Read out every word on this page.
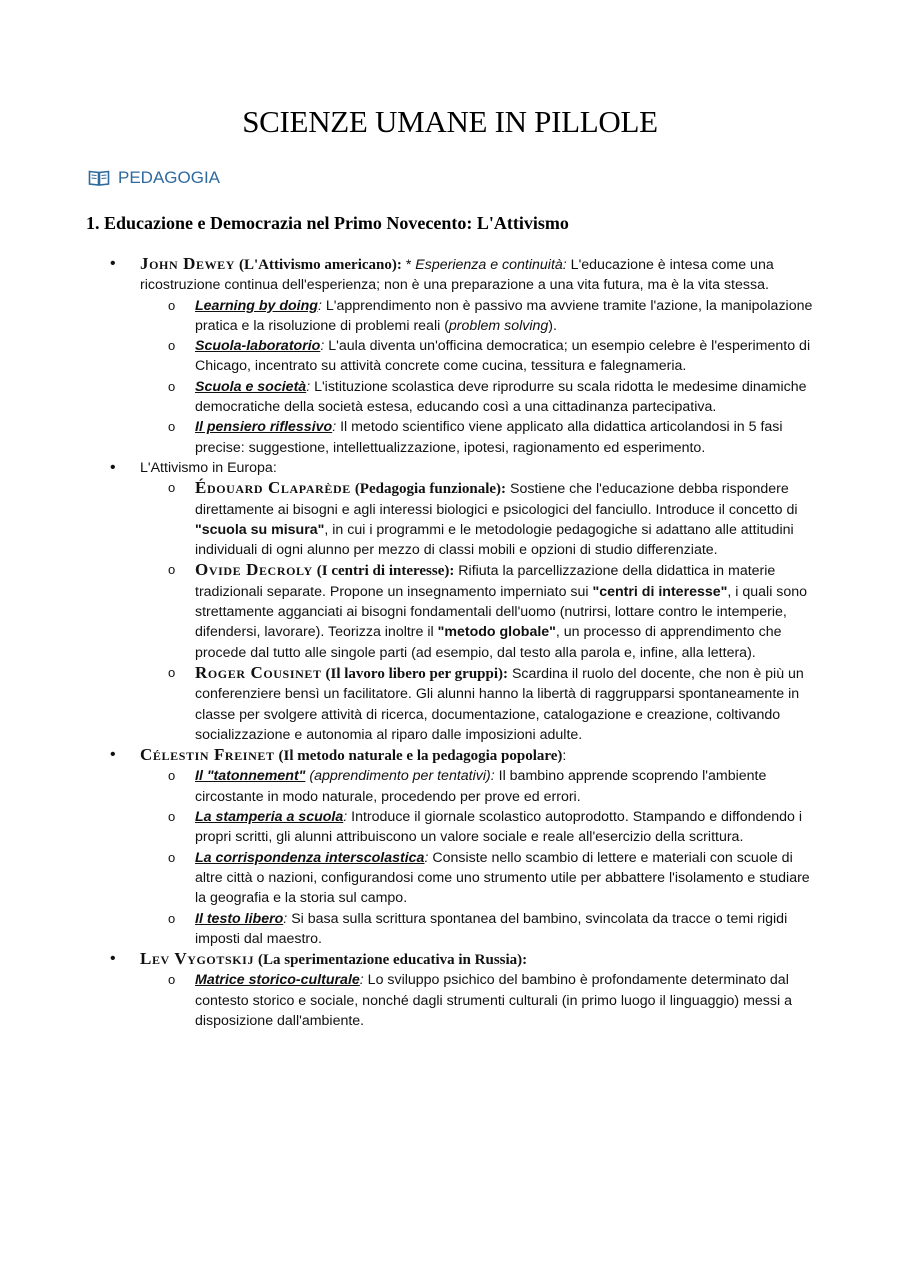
SCIENZE UMANE IN PILLOLE
PEDAGOGIA
1. Educazione e Democrazia nel Primo Novecento: L'Attivismo
• John Dewey (L'Attivismo americano): * Esperienza e continuità: L'educazione è intesa come una ricostruzione continua dell'esperienza; non è una preparazione a una vita futura, ma è la vita stessa.
o Learning by doing: L'apprendimento non è passivo ma avviene tramite l'azione, la manipolazione pratica e la risoluzione di problemi reali (problem solving).
o Scuola-laboratorio: L'aula diventa un'officina democratica; un esempio celebre è l'esperimento di Chicago, incentrato su attività concrete come cucina, tessitura e falegnameria.
o Scuola e società: L'istituzione scolastica deve riprodurre su scala ridotta le medesime dinamiche democratiche della società estesa, educando così a una cittadinanza partecipativa.
o Il pensiero riflessivo: Il metodo scientifico viene applicato alla didattica articolandosi in 5 fasi precise: suggestione, intellettualizzazione, ipotesi, ragionamento ed esperimento.
• L'Attivismo in Europa:
o Édouard Claparède (Pedagogia funzionale): Sostiene che l'educazione debba rispondere direttamente ai bisogni e agli interessi biologici e psicologici del fanciullo. Introduce il concetto di "scuola su misura", in cui i programmi e le metodologie pedagogiche si adattano alle attitudini individuali di ogni alunno per mezzo di classi mobili e opzioni di studio differenziate.
o Ovide Decroly (I centri di interesse): Rifiuta la parcellizzazione della didattica in materie tradizionali separate. Propone un insegnamento imperniato sui "centri di interesse", i quali sono strettamente agganciati ai bisogni fondamentali dell'uomo (nutrirsi, lottare contro le intemperie, difendersi, lavorare). Teorizza inoltre il "metodo globale", un processo di apprendimento che procede dal tutto alle singole parti (ad esempio, dal testo alla parola e, infine, alla lettera).
o Roger Cousinet (Il lavoro libero per gruppi): Scardina il ruolo del docente, che non è più un conferenziere bensì un facilitatore. Gli alunni hanno la libertà di raggrupparsi spontaneamente in classe per svolgere attività di ricerca, documentazione, catalogazione e creazione, coltivando socializzazione e autonomia al riparo dalle imposizioni adulte.
• Célestin Freinet (Il metodo naturale e la pedagogia popolare):
o Il "tatonnement" (apprendimento per tentativi): Il bambino apprende scoprendo l'ambiente circostante in modo naturale, procedendo per prove ed errori.
o La stamperia a scuola: Introduce il giornale scolastico autoprodotto. Stampando e diffondendo i propri scritti, gli alunni attribuiscono un valore sociale e reale all'esercizio della scrittura.
o La corrispondenza interscolastica: Consiste nello scambio di lettere e materiali con scuole di altre città o nazioni, configurandosi come uno strumento utile per abbattere l'isolamento e studiare la geografia e la storia sul campo.
o Il testo libero: Si basa sulla scrittura spontanea del bambino, svincolata da tracce o temi rigidi imposti dal maestro.
• Lev Vygotskij (La sperimentazione educativa in Russia):
o Matrice storico-culturale: Lo sviluppo psichico del bambino è profondamente determinato dal contesto storico e sociale, nonché dagli strumenti culturali (in primo luogo il linguaggio) messi a disposizione dall'ambiente.
